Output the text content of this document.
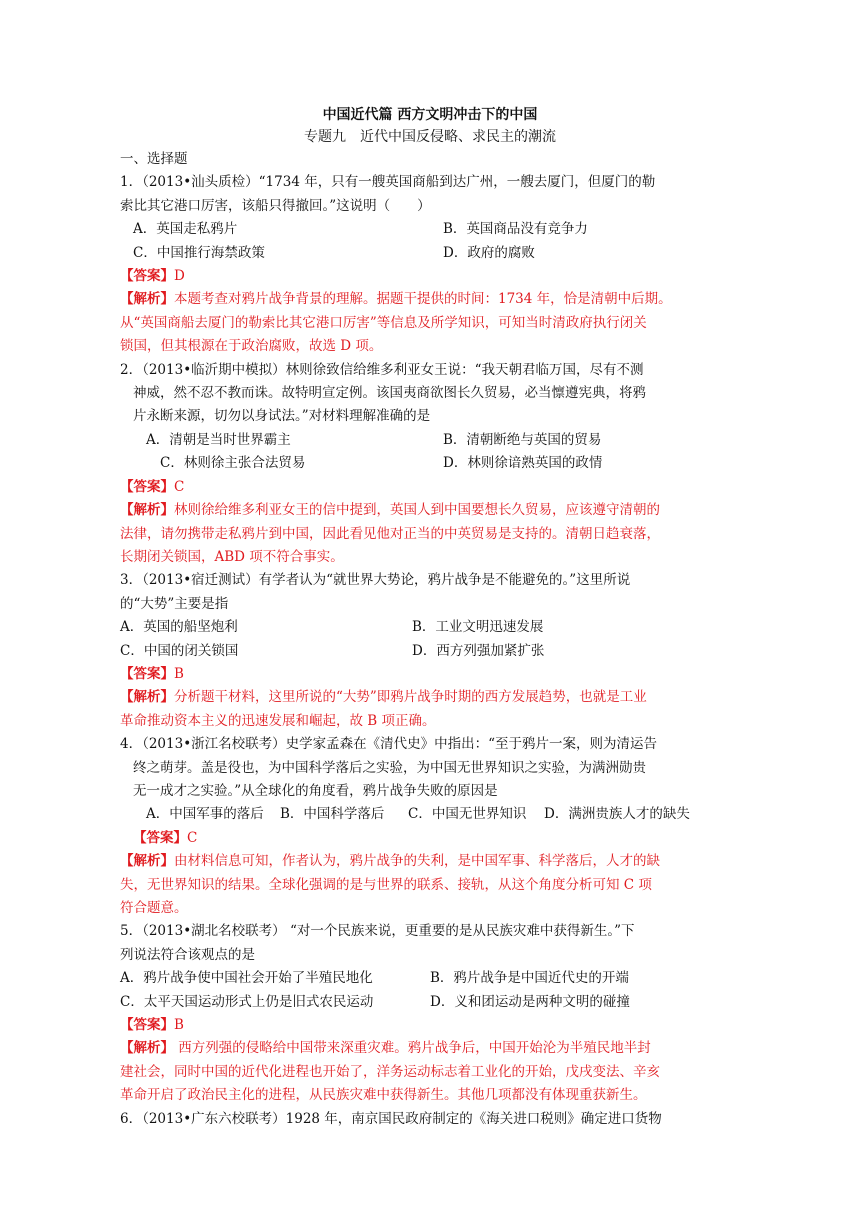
中国近代篇 西方文明冲击下的中国
专题九　近代中国反侵略、求民主的潮流
一、选择题
1．（2013•汕头质检）“1734 年，只有一艘英国商船到达广州，一艘去厦门，但厦门的勒
索比其它港口厉害，该船只得撤回。”这说明（　　）
A．英国走私鸦片	B．英国商品没有竞争力
C．中国推行海禁政策	D．政府的腐败
【答案】D
【解析】本题考查对鸦片战争背景的理解。据题干提供的时间：1734 年，恰是清朝中后期。
从“英国商船去厦门的勒索比其它港口厉害”等信息及所学知识，可知当时清政府执行闭关
锁国，但其根源在于政治腐败，故选 D 项。
2．（2013•临沂期中模拟）林则徐致信给维多利亚女王说：“我天朝君临万国，尽有不测
神威，然不忍不教而诛。故特明宣定例。该国夷商欲图长久贸易，必当懔遵宪典，将鸦
片永断来源，切勿以身试法。”对材料理解准确的是
A．清朝是当时世界霸主	B．清朝断绝与英国的贸易
C．林则徐主张合法贸易	D．林则徐谙熟英国的政情
【答案】C
【解析】林则徐给维多利亚女王的信中提到，英国人到中国要想长久贸易，应该遵守清朝的
法律，请勿携带走私鸦片到中国，因此看见他对正当的中英贸易是支持的。清朝日趋衰落，
长期闭关锁国，ABD 项不符合事实。
3．（2013•宿迁测试）有学者认为“就世界大势论，鸦片战争是不能避免的。”这里所说
的“大势”主要是指
A．英国的船坚炮利	B．工业文明迅速发展
C．中国的闭关锁国	D．西方列强加紧扩张
【答案】B
【解析】分析题干材料，这里所说的“大势”即鸦片战争时期的西方发展趋势，也就是工业
革命推动资本主义的迅速发展和崛起，故 B 项正确。
4．（2013•浙江名校联考）史学家孟森在《清代史》中指出：“至于鸦片一案，则为清运告
终之萌芽。盖是役也，为中国科学落后之实验，为中国无世界知识之实验，为满洲勋贵
无一成才之实验。”从全球化的角度看，鸦片战争失败的原因是
A．中国军事的落后	B．中国科学落后	C．中国无世界知识	D．满洲贵族人才的缺失
【答案】C
【解析】由材料信息可知，作者认为，鸦片战争的失利，是中国军事、科学落后，人才的缺
失，无世界知识的结果。全球化强调的是与世界的联系、接轨，从这个角度分析可知 C 项
符合题意。
5．（2013•湖北名校联考） “对一个民族来说，更重要的是从民族灾难中获得新生。”下
列说法符合该观点的是
A．鸦片战争使中国社会开始了半殖民地化	B．鸦片战争是中国近代史的开端
C．太平天国运动形式上仍是旧式农民运动	D．义和团运动是两种文明的碰撞
【答案】B
【解析】 西方列强的侵略给中国带来深重灾难。鸦片战争后，中国开始沦为半殖民地半封
建社会，同时中国的近代化进程也开始了，洋务运动标志着工业化的开始，戊戌变法、辛亥
革命开启了政治民主化的进程，从民族灾难中获得新生。其他几项都没有体现重获新生。
6．（2013•广东六校联考）1928 年，南京国民政府制定的《海关进口税则》确定进口货物
